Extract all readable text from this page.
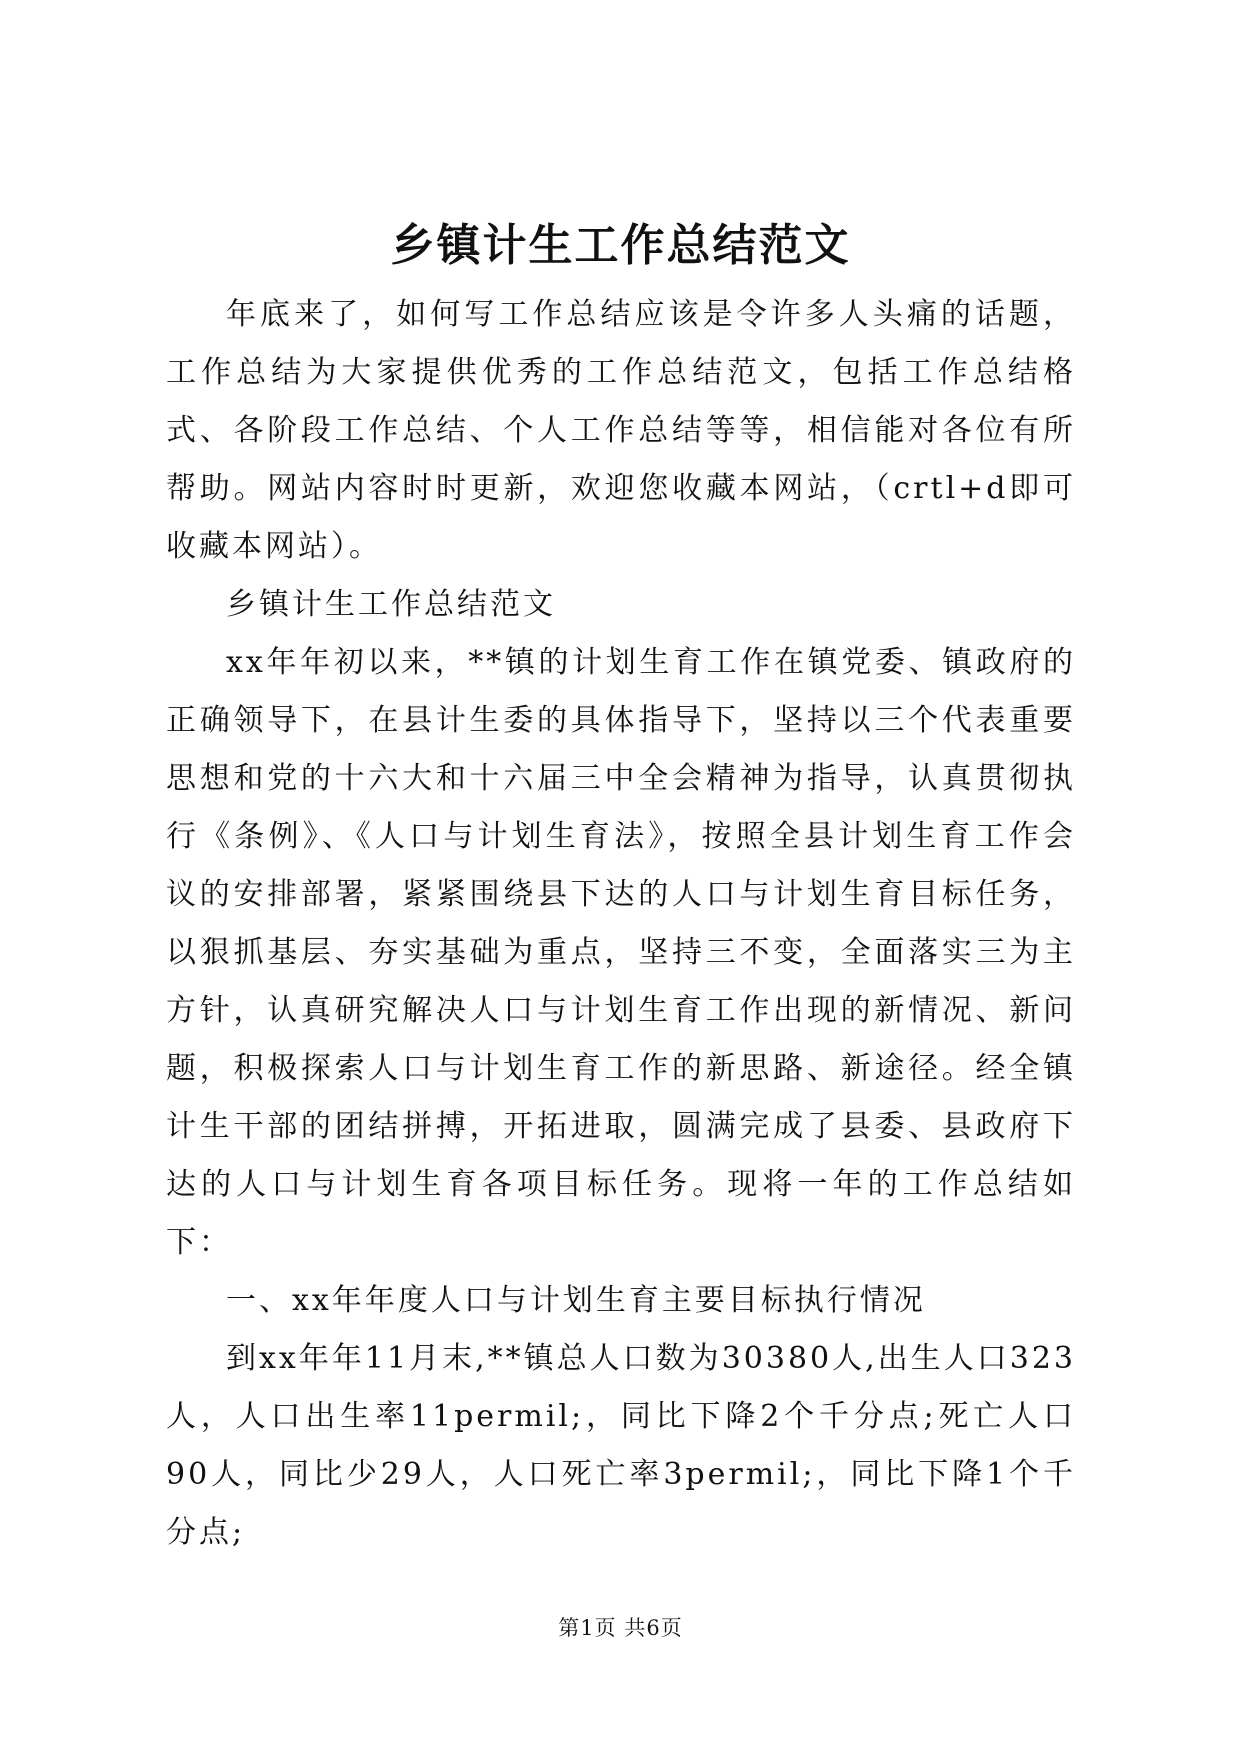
乡镇计生工作总结范文

年底来了，如何写工作总结应该是令许多人头痛的话题，工作总结为大家提供优秀的工作总结范文，包括工作总结格式、各阶段工作总结、个人工作总结等等，相信能对各位有所帮助。网站内容时时更新，欢迎您收藏本网站，（crtl+d即可收藏本网站）。

乡镇计生工作总结范文

xx年年初以来，**镇的计划生育工作在镇党委、镇政府的正确领导下，在县计生委的具体指导下，坚持以三个代表重要思想和党的十六大和十六届三中全会精神为指导，认真贯彻执行《条例》、《人口与计划生育法》，按照全县计划生育工作会议的安排部署，紧紧围绕县下达的人口与计划生育目标任务，以狠抓基层、夯实基础为重点，坚持三不变，全面落实三为主方针，认真研究解决人口与计划生育工作出现的新情况、新问题，积极探索人口与计划生育工作的新思路、新途径。经全镇计生干部的团结拼搏，开拓进取，圆满完成了县委、县政府下达的人口与计划生育各项目标任务。现将一年的工作总结如下：

一、xx年年度人口与计划生育主要目标执行情况

到xx年年11月末,**镇总人口数为30380人,出生人口323人，人口出生率11permil;，同比下降2个千分点;死亡人口90人，同比少29人，人口死亡率3permil;，同比下降1个千分点;

第1页 共6页
